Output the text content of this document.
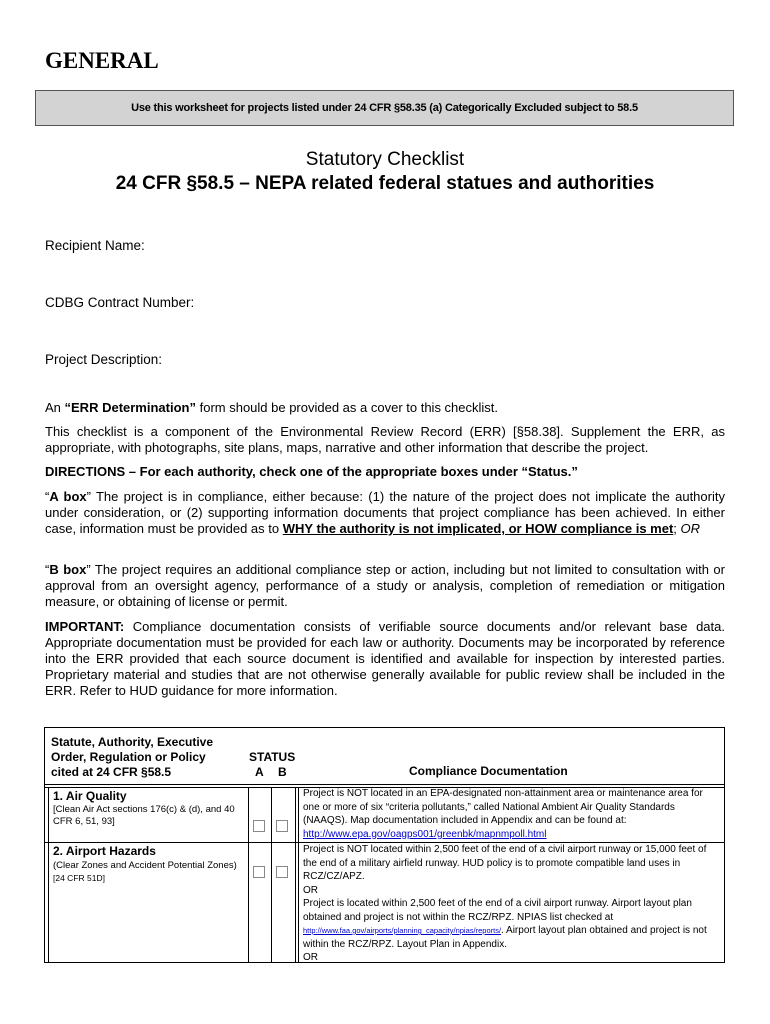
GENERAL
Use this worksheet for projects listed under 24 CFR §58.35 (a) Categorically Excluded subject to 58.5
Statutory Checklist
24 CFR §58.5 – NEPA related federal statues and authorities
Recipient Name:
CDBG Contract Number:
Project Description:
An “ERR Determination” form should be provided as a cover to this checklist.
This checklist is a component of the Environmental Review Record (ERR) [§58.38]. Supplement the ERR, as appropriate, with photographs, site plans, maps, narrative and other information that describe the project.
DIRECTIONS – For each authority, check one of the appropriate boxes under “Status.”
“A box” The project is in compliance, either because: (1) the nature of the project does not implicate the authority under consideration, or (2) supporting information documents that project compliance has been achieved. In either case, information must be provided as to WHY the authority is not implicated, or HOW compliance is met; OR
“B box” The project requires an additional compliance step or action, including but not limited to consultation with or approval from an oversight agency, performance of a study or analysis, completion of remediation or mitigation measure, or obtaining of license or permit.
IMPORTANT: Compliance documentation consists of verifiable source documents and/or relevant base data. Appropriate documentation must be provided for each law or authority. Documents may be incorporated by reference into the ERR provided that each source document is identified and available for inspection by interested parties. Proprietary material and studies that are not otherwise generally available for public review shall be included in the ERR. Refer to HUD guidance for more information.
Statute, Authority, Executive
Order, Regulation or Policy
cited at 24 CFR §58.5
STATUS
A B	Compliance Documentation
1. Air Quality
[Clean Air Act sections 176(c) & (d), and 40 CFR 6, 51, 93]
Project is NOT located in an EPA-designated non-attainment area or maintenance area for one or more of six “criteria pollutants,” called National Ambient Air Quality Standards (NAAQS). Map documentation included in Appendix and can be found at: http://www.epa.gov/oagps001/greenbk/mapnmpoll.html
2. Airport Hazards
(Clear Zones and Accident Potential Zones) [24 CFR 51D]
Project is NOT located within 2,500 feet of the end of a civil airport runway or 15,000 feet of the end of a military airfield runway. HUD policy is to promote compatible land uses in RCZ/CZ/APZ.
OR
Project is located within 2,500 feet of the end of a civil airport runway. Airport layout plan obtained and project is not within the RCZ/RPZ. NPIAS list checked at http://www.faa.gov/airports/planning_capacity/npias/reports/. Airport layout plan obtained and project is not within the RCZ/RPZ. Layout Plan in Appendix.
OR
